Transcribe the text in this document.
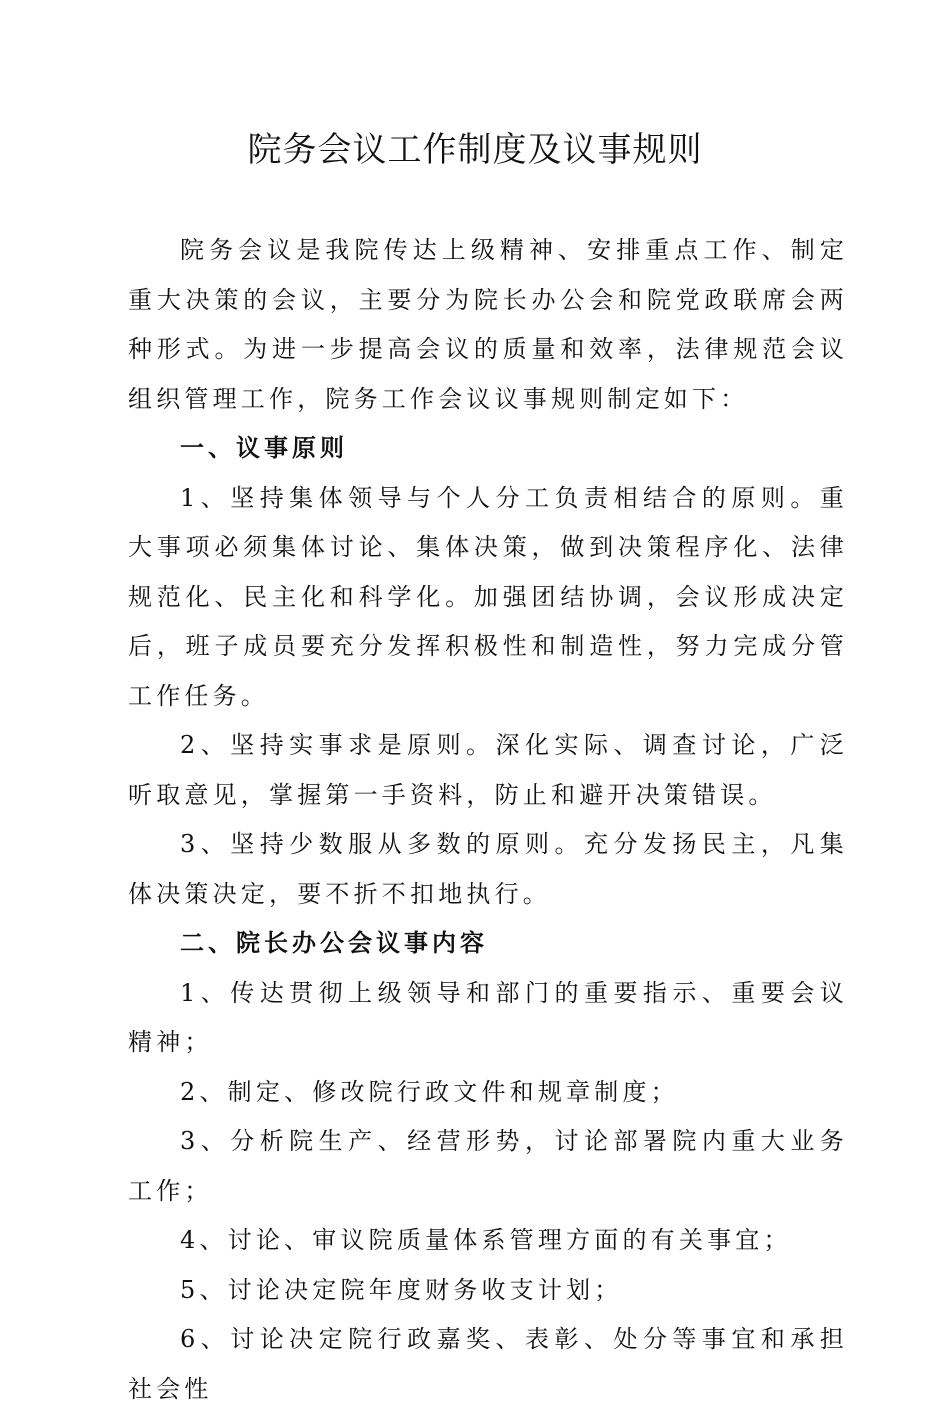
院务会议工作制度及议事规则

院务会议是我院传达上级精神、安排重点工作、制定重大决策的会议，主要分为院长办公会和院党政联席会两种形式。为进一步提高会议的质量和效率，法律规范会议组织管理工作，院务工作会议议事规则制定如下：

一、议事原则

1、坚持集体领导与个人分工负责相结合的原则。重大事项必须集体讨论、集体决策，做到决策程序化、法律规范化、民主化和科学化。加强团结协调，会议形成决定后，班子成员要充分发挥积极性和制造性，努力完成分管工作任务。

2、坚持实事求是原则。深化实际、调查讨论，广泛听取意见，掌握第一手资料，防止和避开决策错误。

3、坚持少数服从多数的原则。充分发扬民主，凡集体决策决定，要不折不扣地执行。

二、院长办公会议事内容

1、传达贯彻上级领导和部门的重要指示、重要会议精神；

2、制定、修改院行政文件和规章制度；

3、分析院生产、经营形势，讨论部署院内重大业务工作；

4、讨论、审议院质量体系管理方面的有关事宜；

5、讨论决定院年度财务收支计划；

6、讨论决定院行政嘉奖、表彰、处分等事宜和承担社会性
